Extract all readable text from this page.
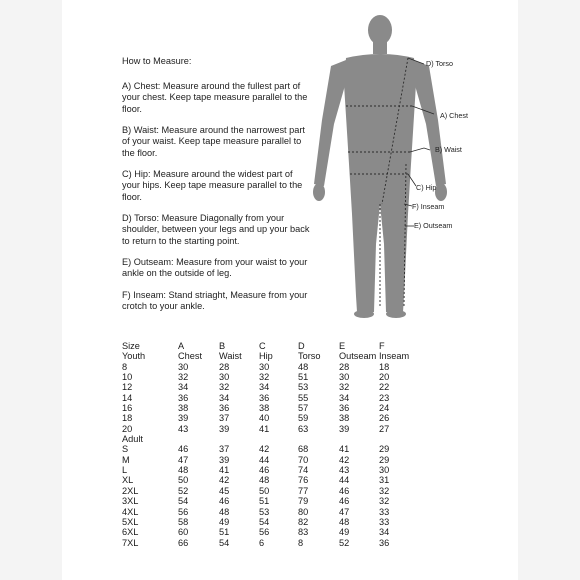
How to Measure:
A) Chest: Measure around the fullest part of your chest. Keep tape measure parallel to the floor.
B) Waist: Measure around the narrowest part of your waist. Keep tape measure parallel to the floor.
C) Hip: Measure around the widest part of your hips. Keep tape measure parallel to the floor.
D) Torso: Measure Diagonally from your shoulder, between your legs and up your back to return to the starting point.
E) Outseam: Measure from your waist to your ankle on the outside of leg.
F) Inseam: Stand striaght, Measure from your crotch to your ankle.
D) Torso
A) Chest
B) Waist
C) Hip
F) Inseam
E) Outseam
Size	A	B	C	D	E	F
Youth	Chest	Waist	Hip	Torso	Outseam	Inseam
8	30	28	30	48	28	18
10	32	30	32	51	30	20
12	34	32	34	53	32	22
14	36	34	36	55	34	23
16	38	36	38	57	36	24
18	39	37	40	59	38	26
20	43	39	41	63	39	27
Adult						
S	46	37	42	68	41	29
M	47	39	44	70	42	29
L	48	41	46	74	43	30
XL	50	42	48	76	44	31
2XL	52	45	50	77	46	32
3XL	54	46	51	79	46	32
4XL	56	48	53	80	47	33
5XL	58	49	54	82	48	33
6XL	60	51	56	83	49	34
7XL	66	54	6	8	52	36
